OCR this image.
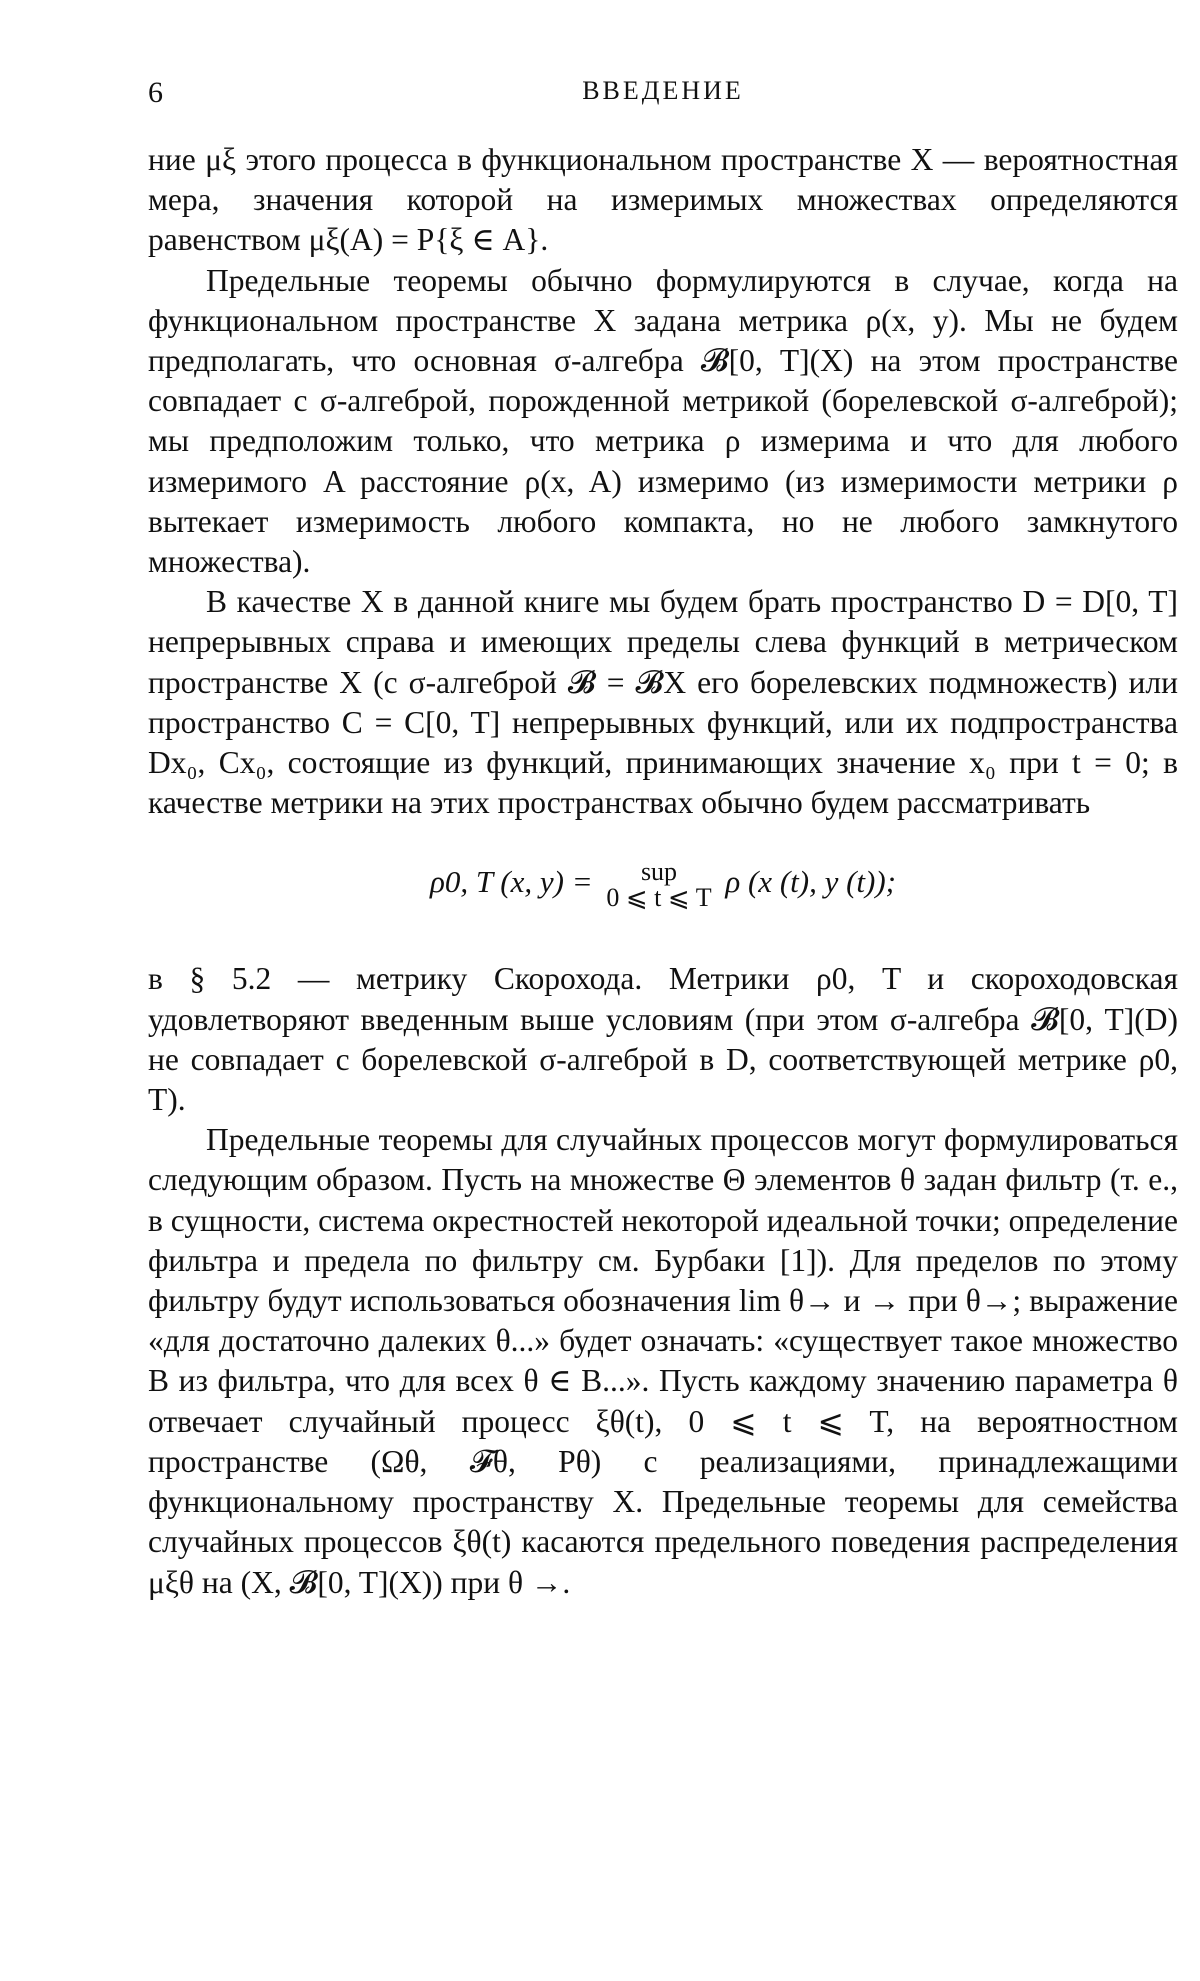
6	ВВЕДЕНИЕ

ние μξ этого процесса в функциональном пространстве X — вероятностная мера, значения которой на измеримых множествах определяются равенством μξ(A) = P{ξ ∈ A}.

Предельные теоремы обычно формулируются в случае, когда на функциональном пространстве X задана метрика ρ(x, y). Мы не будем предполагать, что основная σ-алгебра 𝓑[0, T](X) на этом пространстве совпадает с σ-алгеброй, порожденной метрикой (борелевской σ-алгеброй); мы предположим только, что метрика ρ измерима и что для любого измеримого A расстояние ρ(x, A) измеримо (из измеримости метрики ρ вытекает измеримость любого компакта, но не любого замкнутого множества).

В качестве X в данной книге мы будем брать пространство D = D[0, T] непрерывных справа и имеющих пределы слева функций в метрическом пространстве X (с σ-алгеброй 𝓑 = 𝓑X его борелевских подмножеств) или пространство C = C[0, T] непрерывных функций, или их подпространства Dx₀, Cx₀, состоящие из функций, принимающих значение x₀ при t = 0; в качестве метрики на этих пространствах обычно будем рассматривать

ρ0, T (x, y) =	sup
0 ⩽ t ⩽ T ρ (x (t), y (t));

в § 5.2 — метрику Скорохода. Метрики ρ0, T и скороходовская удовлетворяют введенным выше условиям (при этом σ-алгебра 𝓑[0, T](D) не совпадает с борелевской σ-алгеброй в D, соответствующей метрике ρ0, T).

Предельные теоремы для случайных процессов могут формулироваться следующим образом. Пусть на множестве Θ элементов θ задан фильтр (т. е., в сущности, система окрестностей некоторой идеальной точки; определение фильтра и предела по фильтру см. Бурбаки [1]). Для пределов по этому фильтру будут использоваться обозначения lim θ→ и → при θ→; выражение «для достаточно далеких θ...» будет означать: «существует такое множество B из фильтра, что для всех θ ∈ B...». Пусть каждому значению параметра θ отвечает случайный процесс ξθ(t), 0 ⩽ t ⩽ T, на вероятностном пространстве (Ωθ, 𝓕θ, Pθ) с реализациями, принадлежащими функциональному пространству X. Предельные теоремы для семейства случайных процессов ξθ(t) касаются предельного поведения распределения μξθ на (X, 𝓑[0, T](X)) при θ →.
